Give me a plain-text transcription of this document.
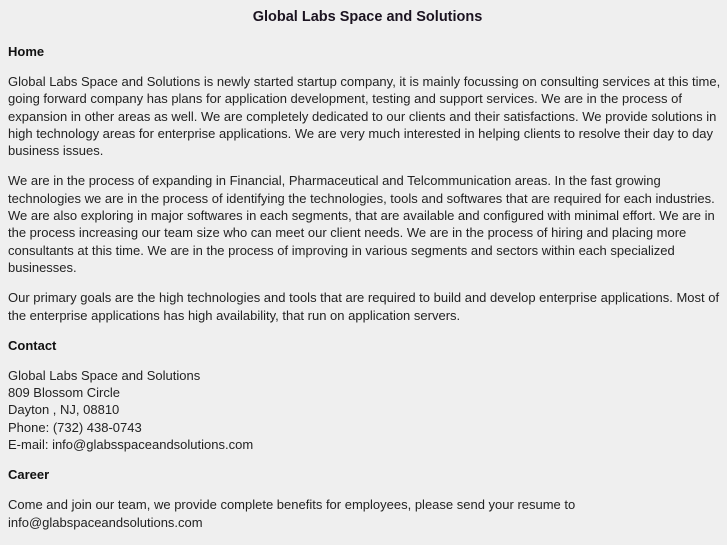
Global Labs Space and Solutions
Home

Global Labs Space and Solutions is newly started startup company, it is mainly focussing on consulting services at this time, going forward company has plans for application development, testing and support services. We are in the process of expansion in other areas as well. We are completely dedicated to our clients and their satisfactions. We provide solutions in high technology areas for enterprise applications. We are very much interested in helping clients to resolve their day to day business issues.

We are in the process of expanding in Financial, Pharmaceutical and Telcommunication areas. In the fast growing technologies we are in the process of identifying the technologies, tools and softwares that are required for each industries. We are also exploring in major softwares in each segments, that are available and configured with minimal effort. We are in the process increasing our team size who can meet our client needs. We are in the process of hiring and placing more consultants at this time. We are in the process of improving in various segments and sectors within each specialized businesses.

Our primary goals are the high technologies and tools that are required to build and develop enterprise applications. Most of the enterprise applications has high availability, that run on application servers.

Contact
Global Labs Space and Solutions
809 Blossom Circle
Dayton , NJ, 08810
Phone: (732) 438-0743
E-mail: info@glabsspaceandsolutions.com
Career

Come and join our team, we provide complete benefits for employees, please send your resume to
info@glabspaceandsolutions.com
